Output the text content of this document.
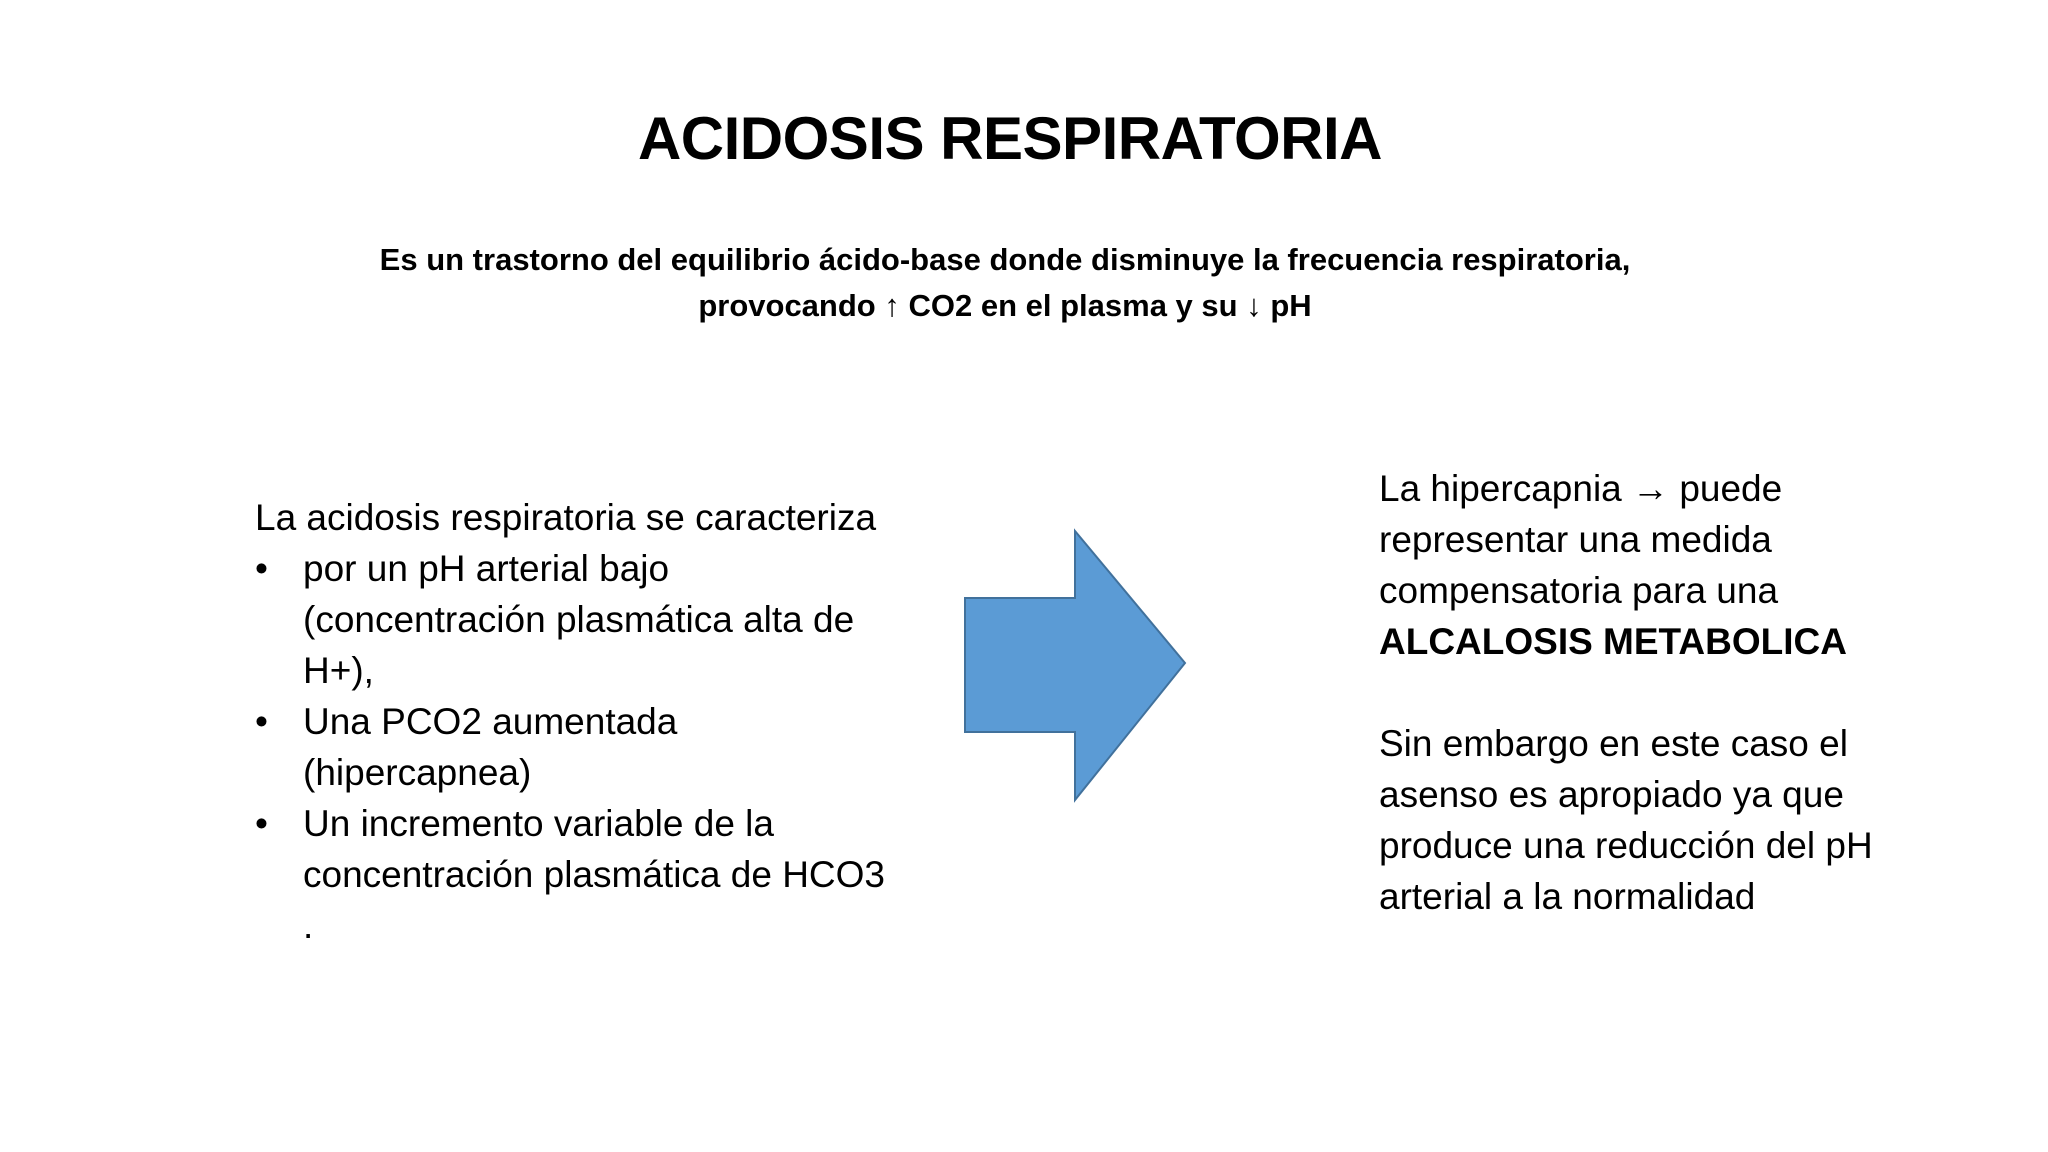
ACIDOSIS RESPIRATORIA
Es un trastorno del equilibrio ácido-base donde disminuye la frecuencia respiratoria,
provocando ↑ CO2 en el plasma y su ↓ pH

La acidosis respiratoria se caracteriza

• por un pH arterial bajo (concentración plasmática alta de H+),
• Una PCO2 aumentada (hipercapnea)
• Un incremento variable de la concentración plasmática de HCO3 .

La hipercapnia → puede representar una medida compensatoria para una
ALCALOSIS METABOLICA

Sin embargo en este caso el asenso es apropiado ya que produce una reducción del pH arterial a la normalidad
